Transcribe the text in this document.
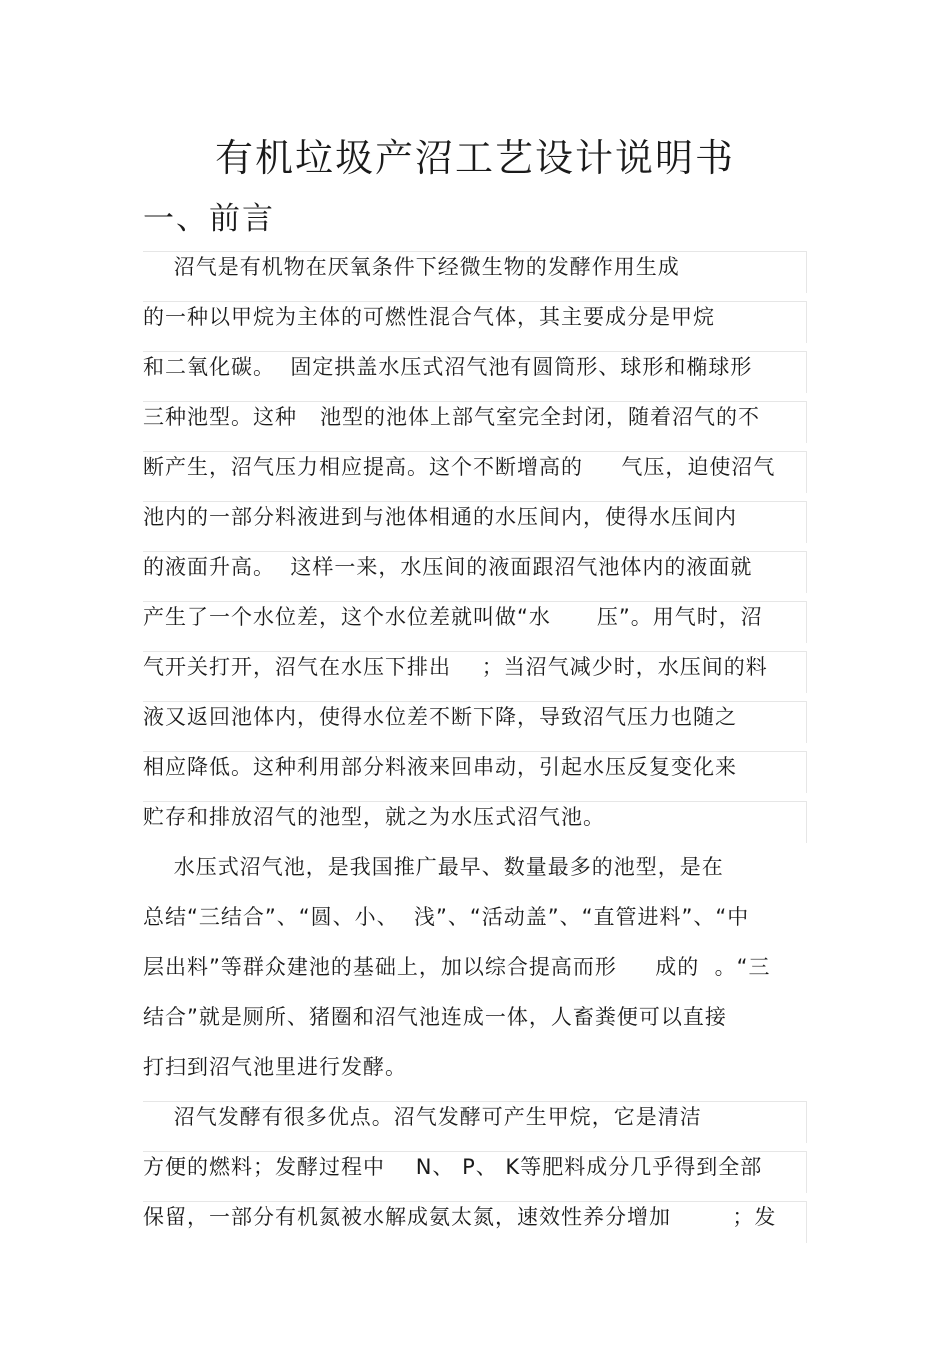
有机垃圾产沼工艺设计说明书
一、前言
沼气是有机物在厌氧条件下经微生物的发酵作用生成
的一种以甲烷为主体的可燃性混合气体，其主要成分是甲烷
和二氧化碳。  固定拱盖水压式沼气池有圆筒形、球形和椭球形
三种池型。这种   池型的池体上部气室完全封闭，随着沼气的不
断产生，沼气压力相应提高。这个不断增高的     气压，迫使沼气
池内的一部分料液进到与池体相通的水压间内，使得水压间内
的液面升高。  这样一来，水压间的液面跟沼气池体内的液面就
产生了一个水位差，这个水位差就叫做“水      压”。用气时，沼
气开关打开，沼气在水压下排出    ；当沼气减少时，水压间的料
液又返回池体内，使得水位差不断下降，导致沼气压力也随之
相应降低。这种利用部分料液来回串动，引起水压反复变化来
贮存和排放沼气的池型，就之为水压式沼气池。
水压式沼气池，是我国推广最早、数量最多的池型，是在
总结“三结合”、“圆、小、  浅”、“活动盖”、“直管进料”、“中
层出料”等群众建池的基础上，加以综合提高而形     成的  。“三
结合”就是厕所、猪圈和沼气池连成一体，人畜粪便可以直接
打扫到沼气池里进行发酵。
沼气发酵有很多优点。沼气发酵可产生甲烷，它是清洁
方便的燃料；发酵过程中    N、 P、 K等肥料成分几乎得到全部
保留，一部分有机氮被水解成氨太氮，速效性养分增加        ；发
